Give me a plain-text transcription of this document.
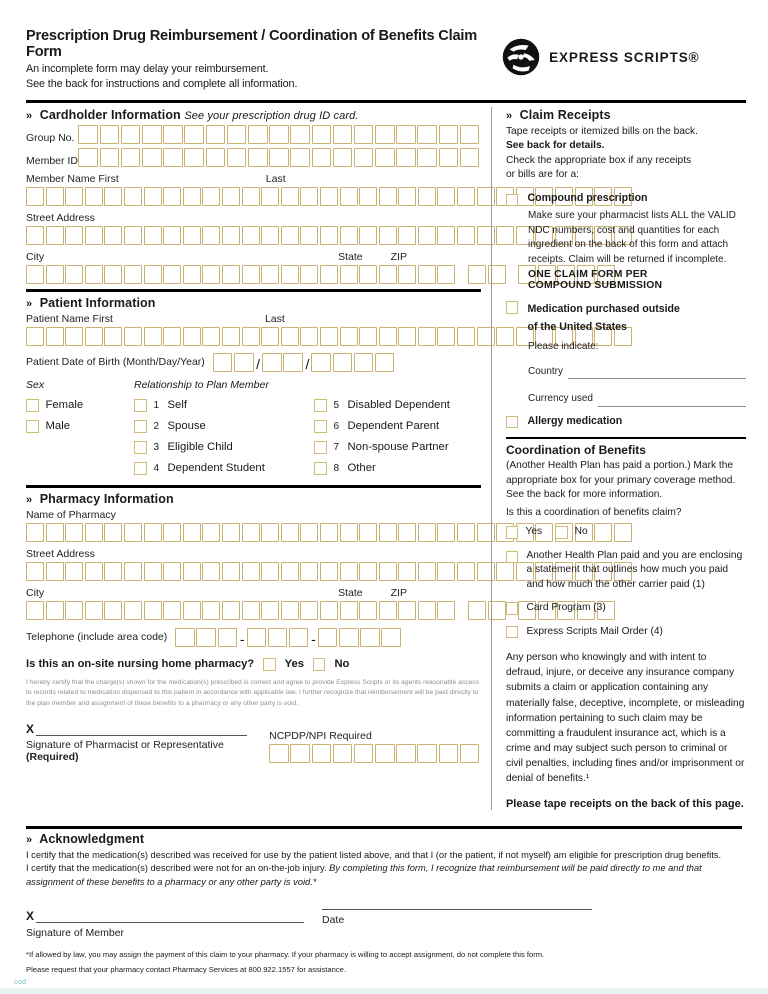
Prescription Drug Reimbursement / Coordination of Benefits Claim Form
An incomplete form may delay your reimbursement.
See the back for instructions and complete all information.
EXPRESS SCRIPTS®
» Cardholder Information See your prescription drug ID card.
Group No.
Member ID
Member Name First	Last
Street Address
City	State	ZIP
» Patient Information
Patient Name First	Last
Patient Date of Birth (Month/Day/Year)	/	/
Sex	Relationship to Plan Member
Female
Male
1 Self
2 Spouse
3 Eligible Child
4 Dependent Student
5 Disabled Dependent
6 Dependent Parent
7 Non-spouse Partner
8 Other
» Pharmacy Information
Name of Pharmacy
Street Address
City	State	ZIP
Telephone (include area code)	-	-
Is this an on-site nursing home pharmacy?	Yes	No
I hereby certify that the charge(s) shown for the medication(s) prescribed is correct and agree to provide Express Scripts or its agents reasonable access to records related to medication dispensed to this patient in accordance with applicable law. I further recognize that reimbursement will be paid directly to the plan member and assignment of these benefits to a pharmacy or any other party is void.
X
Signature of Pharmacist or Representative (Required)
NCPDP/NPI Required
» Claim Receipts
Tape receipts or itemized bills on the back.
See back for details.
Check the appropriate box if any receipts
or bills are for a:
Compound prescription
Make sure your pharmacist lists ALL the VALID NDC numbers, cost and quantities for each ingredient on the back of this form and attach receipts. Claim will be returned if incomplete.
ONE CLAIM FORM PER
COMPOUND SUBMISSION
Medication purchased outside
of the United States
Please indicate:
Country
Currency used
Allergy medication
Coordination of Benefits
(Another Health Plan has paid a portion.) Mark the appropriate box for your primary coverage method. See the back for more information.
Is this a coordination of benefits claim?
Yes	No
Another Health Plan paid and you are enclosing a statement that outlines how much you paid and how much the other carrier paid (1)
Card Program (3)
Express Scripts Mail Order (4)
Any person who knowingly and with intent to defraud, injure, or deceive any insurance company submits a claim or application containing any materially false, deceptive, incomplete, or misleading information pertaining to such claim may be committing a fraudulent insurance act, which is a crime and may subject such person to criminal or civil penalties, including fines and/or imprisonment or denial of benefits.¹
Please tape receipts on the back of this page.
» Acknowledgment
I certify that the medication(s) described was received for use by the patient listed above, and that I (or the patient, if not myself) am eligible for prescription drug benefits.
I certify that the medication(s) described were not for an on-the-job injury. By completing this form, I recognize that reimbursement will be paid directly to me and that assignment of these benefits to a pharmacy or any other party is void.*
X
Signature of Member
Date
*If allowed by law, you may assign the payment of this claim to your pharmacy. If your pharmacy is willing to accept assignment, do not complete this form.
Please request that your pharmacy contact Pharmacy Services at 800.922.1557 for assistance.
cod
